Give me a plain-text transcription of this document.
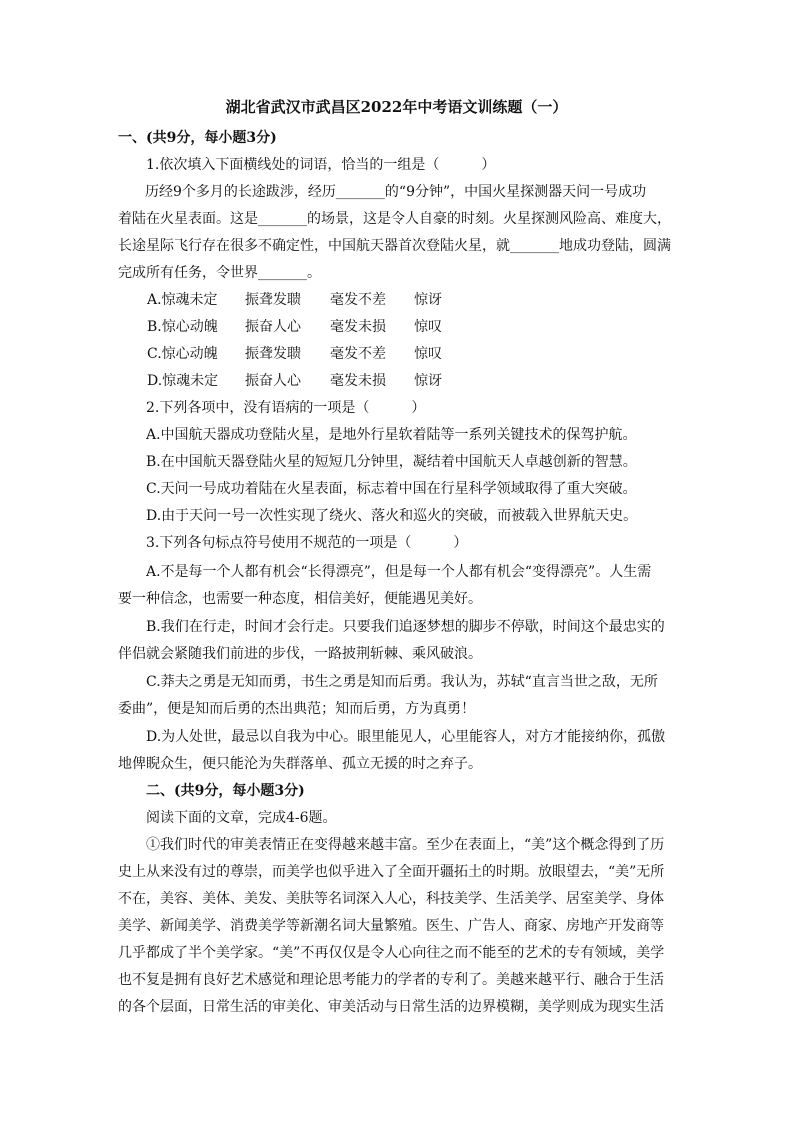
湖北省武汉市武昌区2022年中考语文训练题（一）
一、(共9分，每小题3分)
1.依次填入下面横线处的词语，恰当的一组是（　　　）
历经9个多月的长途跋涉，经历_______的“9分钟”，中国火星探测器天问一号成功
着陆在火星表面。这是_______的场景，这是令人自豪的时刻。火星探测风险高、难度大，
长途星际飞行存在很多不确定性，中国航天器首次登陆火星，就_______地成功登陆，圆满
完成所有任务，令世界_______。
A.惊魂未定 振聋发聩 毫发不差 惊讶
B.惊心动魄 振奋人心 毫发未损 惊叹
C.惊心动魄 振聋发聩 毫发不差 惊叹
D.惊魂未定 振奋人心 毫发未损 惊讶
2.下列各项中，没有语病的一项是（　　　）
A.中国航天器成功登陆火星，是地外行星软着陆等一系列关键技术的保驾护航。
B.在中国航天器登陆火星的短短几分钟里，凝结着中国航天人卓越创新的智慧。
C.天问一号成功着陆在火星表面，标志着中国在行星科学领域取得了重大突破。
D.由于天问一号一次性实现了绕火、落火和巡火的突破，而被载入世界航天史。
3.下列各句标点符号使用不规范的一项是（　　　）
A.不是每一个人都有机会“长得漂亮”，但是每一个人都有机会“变得漂亮”。人生需
要一种信念，也需要一种态度，相信美好，便能遇见美好。
B.我们在行走，时间才会行走。只要我们追逐梦想的脚步不停歇，时间这个最忠实的
伴侣就会紧随我们前进的步伐，一路披荆斩棘、乘风破浪。
C.莽夫之勇是无知而勇，书生之勇是知而后勇。我认为，苏轼“直言当世之敌，无所
委曲”，便是知而后勇的杰出典范；知而后勇，方为真勇！
D.为人处世，最忌以自我为中心。眼里能见人，心里能容人，对方才能接纳你，孤傲
地俾睨众生，便只能沦为失群落单、孤立无援的时之弃子。
二、(共9分，每小题3分)
阅读下面的文章，完成4-6题。
①我们时代的审美表情正在变得越来越丰富。至少在表面上，“美”这个概念得到了历
史上从来没有过的尊崇，而美学也似乎进入了全面开疆拓土的时期。放眼望去，“美”无所
不在，美容、美体、美发、美肤等名词深入人心，科技美学、生活美学、居室美学、身体
美学、新闻美学、消费美学等新潮名词大量繁殖。医生、广告人、商家、房地产开发商等
几乎都成了半个美学家。“美”不再仅仅是令人心向往之而不能至的艺术的专有领域，美学
也不复是拥有良好艺术感觉和理论思考能力的学者的专利了。美越来越平行、融合于生活
的各个层面，日常生活的审美化、审美活动与日常生活的边界模糊，美学则成为现实生活
